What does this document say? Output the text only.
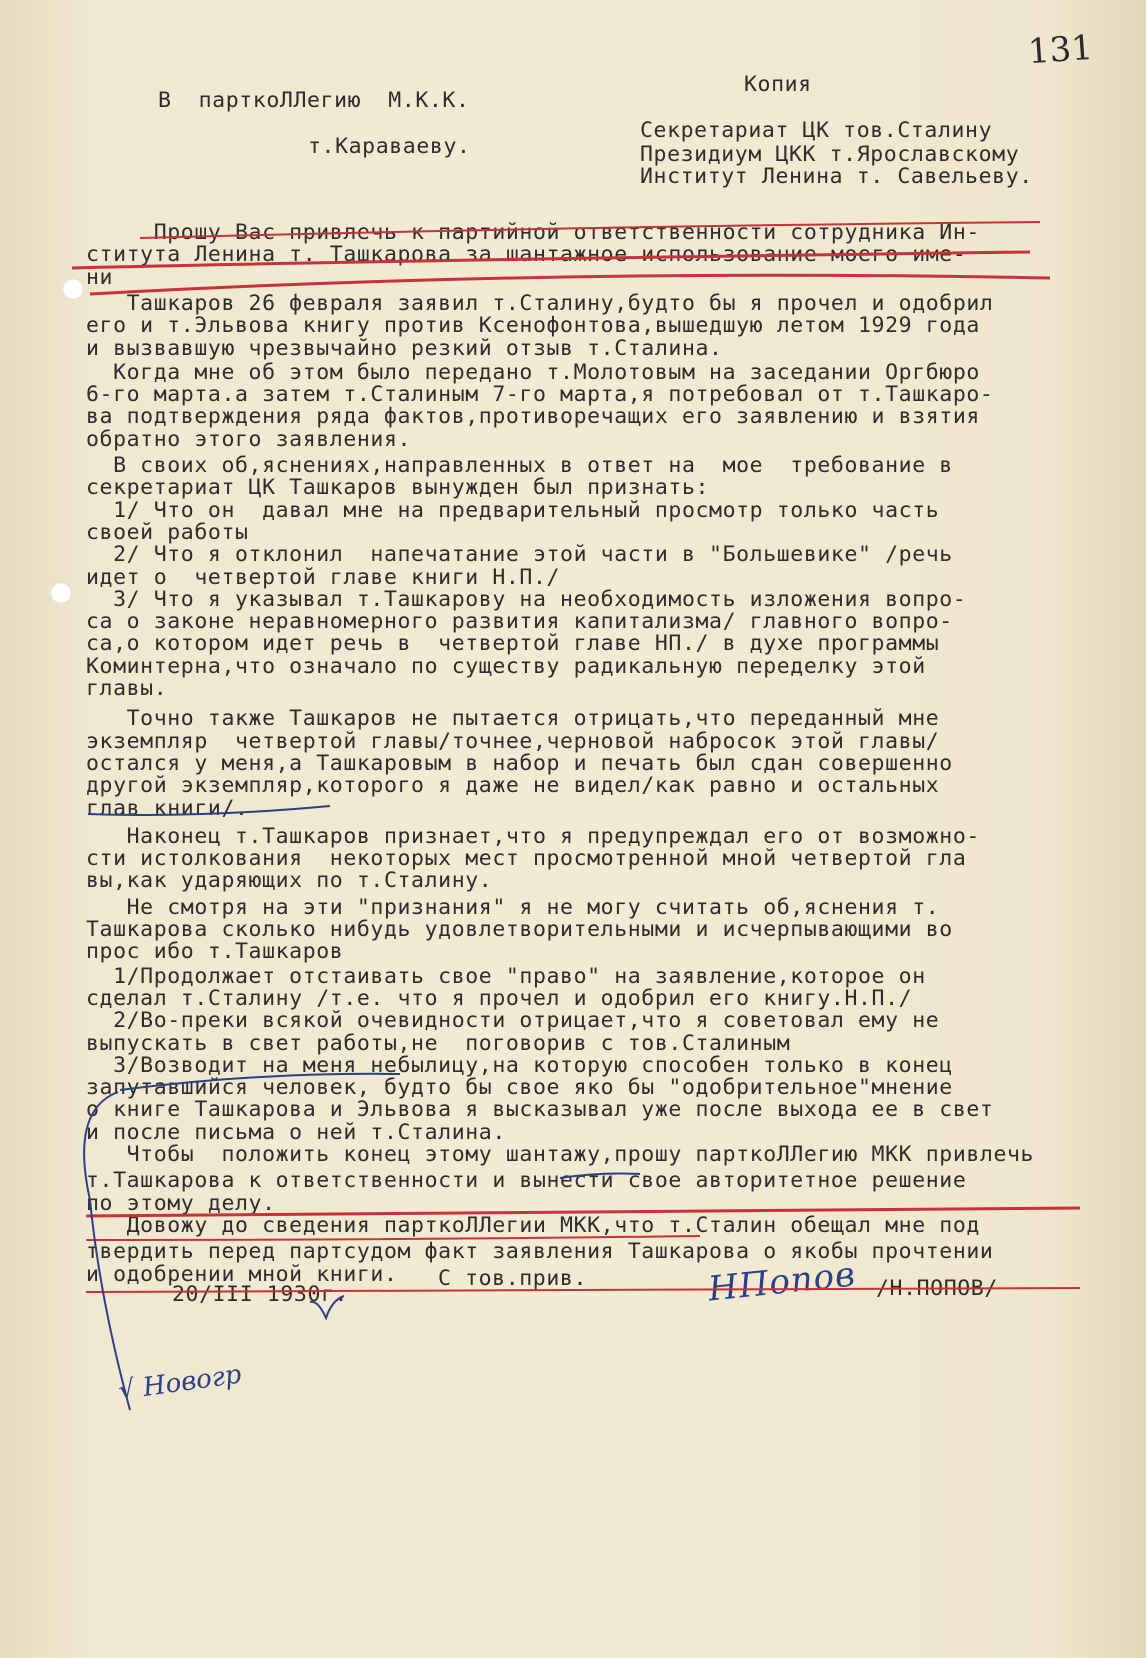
131
Копия
В  парткоЛЛегию  М.К.К.
т.Караваеву.
Секретариат ЦК тов.Сталину
Президиум ЦКК т.Ярославскому
Институт Ленина т. Савельеву.
Прошу Вас привлечь к партийной ответственности сотрудника Ин-
ститута Ленина т. Ташкарова за шантажное использование моего име-
ни
Ташкаров 26 февраля заявил т.Сталину,будто бы я прочел и одобрил
его и т.Эльвова книгу против Ксенофонтова,вышедшую летом 1929 года
и вызвавшую чрезвычайно резкий отзыв т.Сталина.
Когда мне об этом было передано т.Молотовым на заседании Оргбюро
6-го марта.а затем т.Сталиным 7-го марта,я потребовал от т.Ташкаро-
ва подтверждения ряда фактов,противоречащих его заявлению и взятия
обратно этого заявления.
В своих об,яснениях,направленных в ответ на  мое  требование в
секретариат ЦК Ташкаров вынужден был признать:
1/ Что он  давал мне на предварительный просмотр только часть
своей работы
2/ Что я отклонил  напечатание этой части в "Большевике" /речь
идет о  четвертой главе книги Н.П./
3/ Что я указывал т.Ташкарову на необходимость изложения вопро-
са о законе неравномерного развития капитализма/ главного вопро-
са,о котором идет речь в  четвертой главе НП./ в духе программы
Коминтерна,что означало по существу радикальную переделку этой
главы.
Точно также Ташкаров не пытается отрицать,что переданный мне
экземпляр  четвертой главы/точнее,черновой набросок этой главы/
остался у меня,а Ташкаровым в набор и печать был сдан совершенно
другой экземпляр,которого я даже не видел/как равно и остальных
глав книги/.
Наконец т.Ташкаров признает,что я предупреждал его от возможно-
сти истолкования  некоторых мест просмотренной мной четвертой гла
вы,как ударяющих по т.Сталину.
Не смотря на эти "признания" я не могу считать об,яснения т.
Ташкарова сколько нибудь удовлетворительными и исчерпывающими во
прос ибо т.Ташкаров
1/Продолжает отстаивать свое "право" на заявление,которое он
сделал т.Сталину /т.е. что я прочел и одобрил его книгу.Н.П./
2/Во-преки всякой очевидности отрицает,что я советовал ему не
выпускать в свет работы,не  поговорив с тов.Сталиным
3/Возводит на меня небылицу,на которую способен только в конец
запутавшийся человек, будто бы свое яко бы "одобрительное"мнение
о книге Ташкарова и Эльвова я высказывал уже после выхода ее в свет
и после письма о ней т.Сталина.
Чтобы  положить конец этому шантажу,прошу парткоЛЛегию МКК привлечь
т.Ташкарова к ответственности и вынести свое авторитетное решение
по этому делу.
Довожу до сведения парткоЛЛегии МКК,что т.Сталин обещал мне под
твердить перед партсудом факт заявления Ташкарова о якобы прочтении
и одобрении мной книги.
20/III 1930г.
С тов.прив.	/Н.ПОПОВ/
НПопов
√ Новогр
